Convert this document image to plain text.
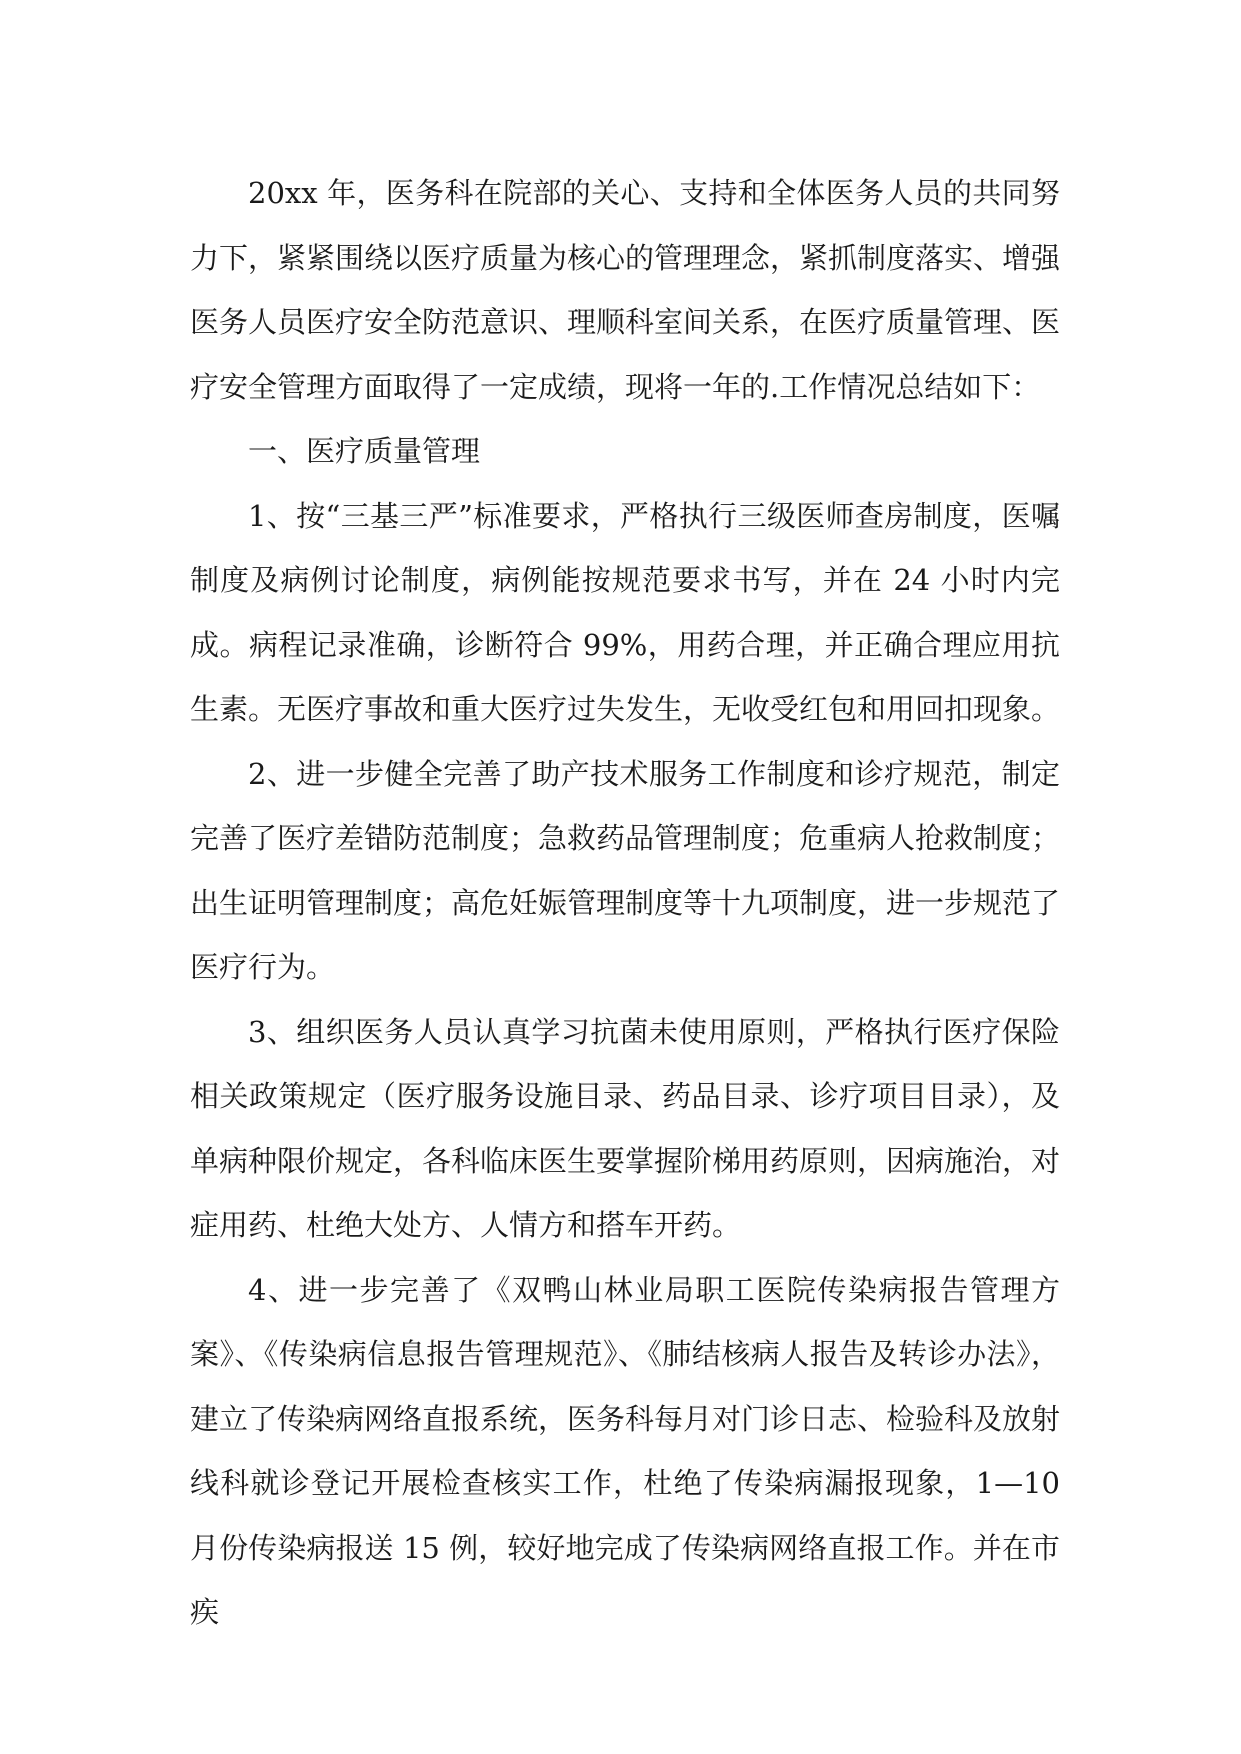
20xx 年，医务科在院部的关心、支持和全体医务人员的共同努力下，紧紧围绕以医疗质量为核心的管理理念，紧抓制度落实、增强医务人员医疗安全防范意识、理顺科室间关系，在医疗质量管理、医疗安全管理方面取得了一定成绩，现将一年的.工作情况总结如下：

一、医疗质量管理

1、按“三基三严”标准要求，严格执行三级医师查房制度，医嘱制度及病例讨论制度，病例能按规范要求书写，并在 24 小时内完成。病程记录准确，诊断符合 99%，用药合理，并正确合理应用抗生素。无医疗事故和重大医疗过失发生，无收受红包和用回扣现象。

2、进一步健全完善了助产技术服务工作制度和诊疗规范，制定完善了医疗差错防范制度；急救药品管理制度；危重病人抢救制度；出生证明管理制度；高危妊娠管理制度等十九项制度，进一步规范了医疗行为。

3、组织医务人员认真学习抗菌未使用原则，严格执行医疗保险相关政策规定（医疗服务设施目录、药品目录、诊疗项目目录），及单病种限价规定，各科临床医生要掌握阶梯用药原则，因病施治，对症用药、杜绝大处方、人情方和搭车开药。

4、进一步完善了《双鸭山林业局职工医院传染病报告管理方案》、《传染病信息报告管理规范》、《肺结核病人报告及转诊办法》，建立了传染病网络直报系统，医务科每月对门诊日志、检验科及放射线科就诊登记开展检查核实工作，杜绝了传染病漏报现象，1—10 月份传染病报送 15 例，较好地完成了传染病网络直报工作。并在市疾
